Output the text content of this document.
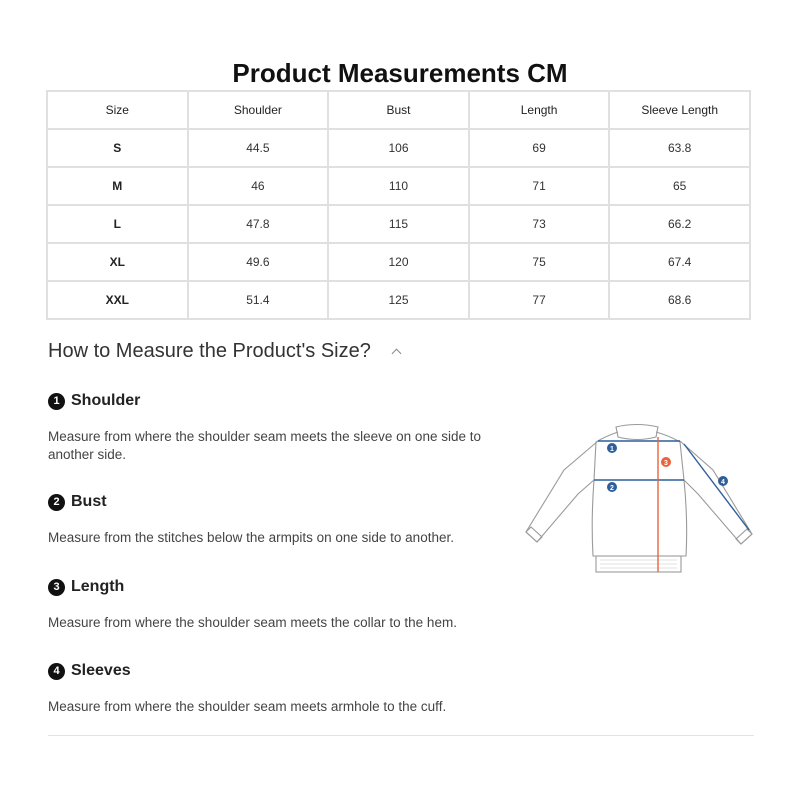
Product Measurements CM
Size	Shoulder	Bust	Length	Sleeve Length
S	44.5	106	69	63.8
M	46	110	71	65
L	47.8	115	73	66.2
XL	49.6	120	75	67.4
XXL	51.4	125	77	68.6
How to Measure the Product's Size?
1 Shoulder
Measure from where the shoulder seam meets the sleeve on one side to another side.
2 Bust
Measure from the stitches below the armpits on one side to another.
3 Length
Measure from where the shoulder seam meets the collar to the hem.
4 Sleeves
Measure from where the shoulder seam meets armhole to the cuff.
1
2
3
4
